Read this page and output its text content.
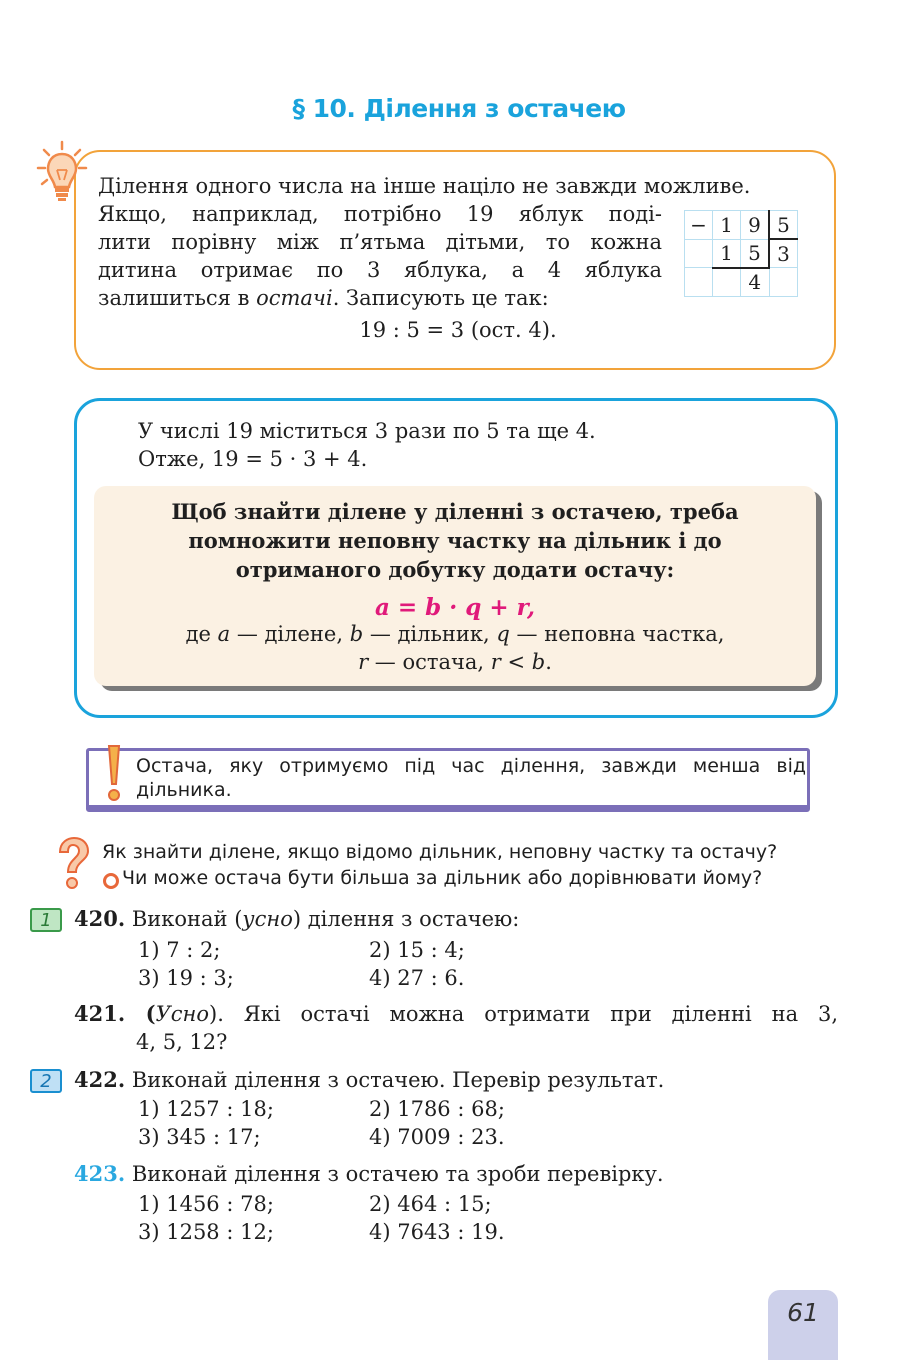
§ 10. Ділення з остачею
Ділення одного числа на інше націло не завжди можливе.
Якщо, наприклад, потрібно 19 яблук поді-
лити порівну між п’ятьма дітьми, то кожна
дитина отримає по 3 яблука, а 4 яблука
залишиться в остачі. Записують це так:
19 : 5 = 3 (ост. 4).
−	1	9	5
	1	5	3
		4	
У числі 19 міститься 3 рази по 5 та ще 4.
Отже, 19 = 5 · 3 + 4.
Щоб знайти ділене у діленні з остачею, треба
помножити неповну частку на дільник і до
отриманого добутку додати остачу:
a = b · q + r,
де a — ділене, b — дільник, q — неповна частка,
r — остача, r < b.
Остача, яку отримуємо під час ділення, завжди менша від
дільника.
Як знайти ділене, якщо відомо дільник, неповну частку та остачу?
Чи може остача бути більша за дільник або дорівнювати йому?
1
2
420. Виконай (усно) ділення з остачею:
1) 7 : 2;	2) 15 : 4;
3) 19 : 3;	4) 27 : 6.
421. (Усно). Які остачі можна отримати при діленні на 3,
4, 5, 12?
422. Виконай ділення з остачею. Перевір результат.
1) 1257 : 18;	2) 1786 : 68;
3) 345 : 17;	4) 7009 : 23.
423. Виконай ділення з остачею та зроби перевірку.
1) 1456 : 78;	2) 464 : 15;
3) 1258 : 12;	4) 7643 : 19.
61
